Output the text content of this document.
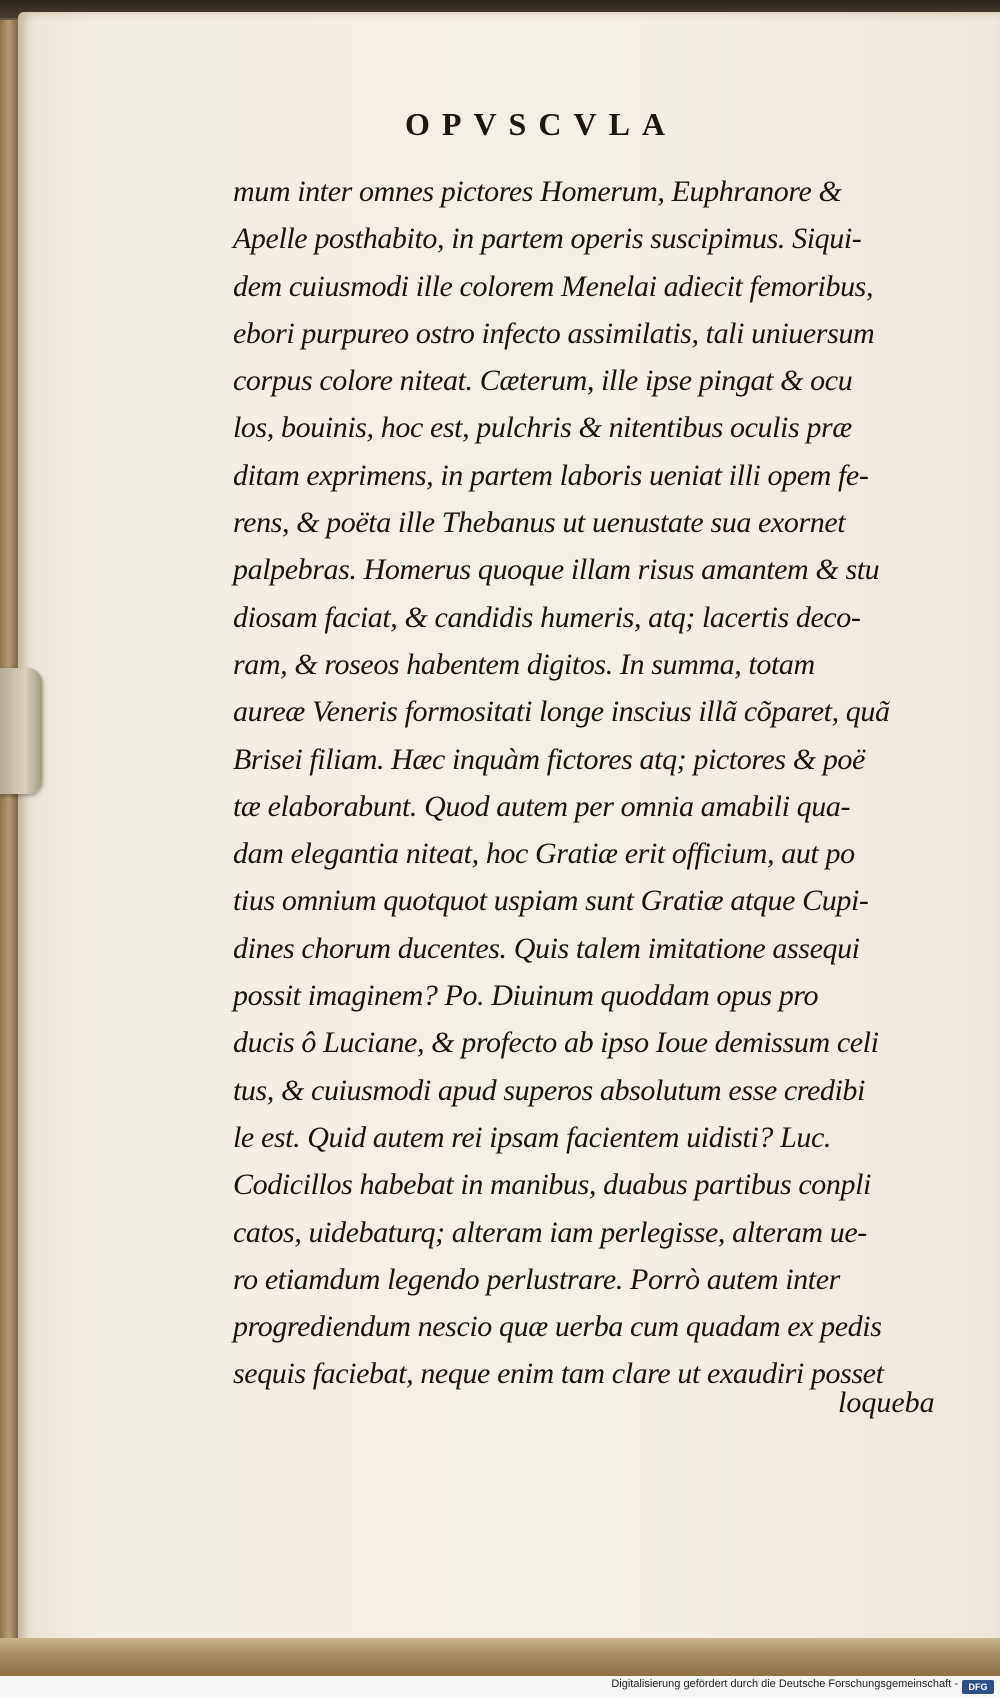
OPVSCVLA
mum inter omnes pictores Homerum, Euphranore &
Apelle posthabito, in partem operis suscipimus. Siqui-
dem cuiusmodi ille colorem Menelai adiecit femoribus,
ebori purpureo ostro infecto assimilatis, tali uniuersum
corpus colore niteat. Cæterum, ille ipse pingat & ocu
los, bouinis, hoc est, pulchris & nitentibus oculis præ
ditam exprimens, in partem laboris ueniat illi opem fe-
rens, & poëta ille Thebanus ut uenustate sua exornet
palpebras. Homerus quoque illam risus amantem & stu
diosam faciat, & candidis humeris, atq; lacertis deco-
ram, & roseos habentem digitos. In summa, totam
aureæ Veneris formositati longe inscius illã cõparet, quã
Brisei filiam. Hæc inquàm fictores atq; pictores & poë
tæ elaborabunt. Quod autem per omnia amabili qua-
dam elegantia niteat, hoc Gratiæ erit officium, aut po
tius omnium quotquot uspiam sunt Gratiæ atque Cupi-
dines chorum ducentes. Quis talem imitatione assequi
possit imaginem? Po. Diuinum quoddam opus pro
ducis ô Luciane, & profecto ab ipso Ioue demissum celi
tus, & cuiusmodi apud superos absolutum esse credibi
le est. Quid autem rei ipsam facientem uidisti? Luc.
Codicillos habebat in manibus, duabus partibus conpli
catos, uidebaturq; alteram iam perlegisse, alteram ue-
ro etiamdum legendo perlustrare. Porrò autem inter
progrediendum nescio quæ uerba cum quadam ex pedis
sequis faciebat, neque enim tam clare ut exaudiri posset
loqueba
Digitalisierung gefördert durch die Deutsche Forschungsgemeinschaft -	DFG
